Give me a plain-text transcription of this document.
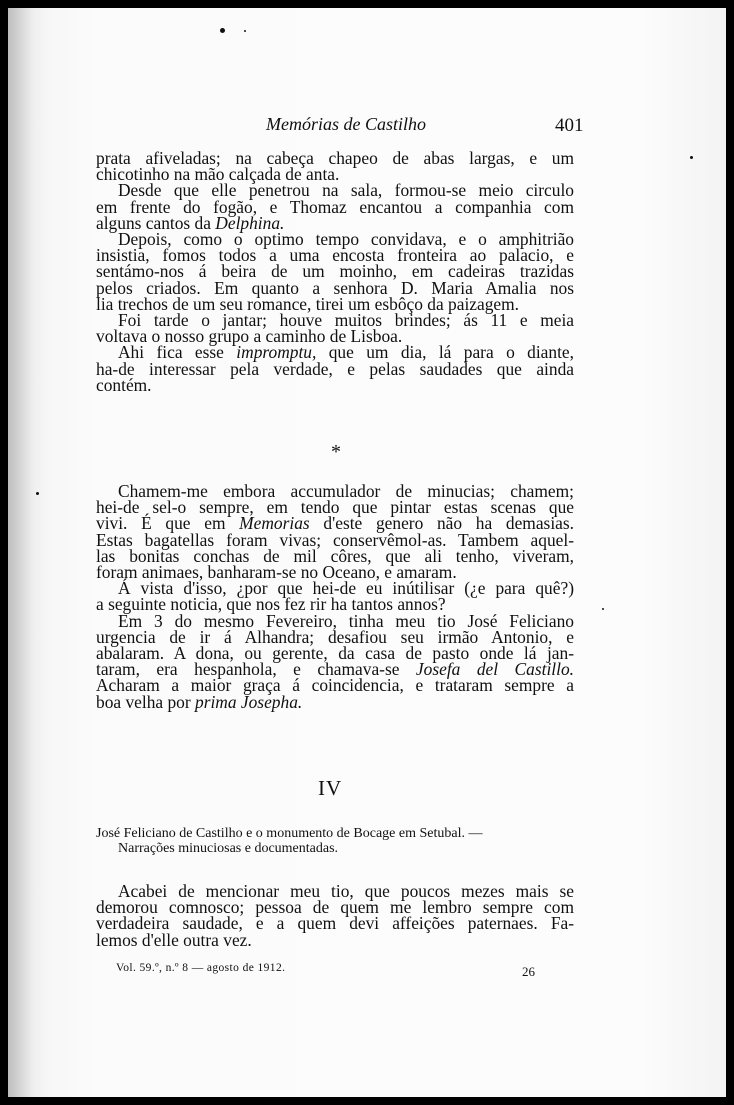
Memórias de Castilho	401
prata afiveladas; na cabeça chapeo de abas largas, e um
chicotinho na mão calçada de anta.
Desde que elle penetrou na sala, formou-se meio circulo
em frente do fogão, e Thomaz encantou a companhia com
alguns cantos da Delphina.
Depois, como o optimo tempo convidava, e o amphitrião
insistia, fomos todos a uma encosta fronteira ao palacio, e
sentámo-nos á beira de um moinho, em cadeiras trazidas
pelos criados. Em quanto a senhora D. Maria Amalia nos
lia trechos de um seu romance, tirei um esbôço da paizagem.
Foi tarde o jantar; houve muitos brindes; ás 11 e meia
voltava o nosso grupo a caminho de Lisboa.
Ahi fica esse impromptu, que um dia, lá para o diante,
ha-de interessar pela verdade, e pelas saudades que ainda
contém.
*
Chamem-me embora accumulador de minucias; chamem;
hei-de sel-o sempre, em tendo que pintar estas scenas que
vivi. É que em Memorias d'este genero não ha demasias.
Estas bagatellas foram vivas; conservêmol-as. Tambem aquel-
las bonitas conchas de mil côres, que ali tenho, viveram,
foram animaes, banharam-se no Oceano, e amaram.
Á vista d'isso, ¿por que hei-de eu inútilisar (¿e para quê?)
a seguinte noticia, que nos fez rir ha tantos annos?
Em 3 do mesmo Fevereiro, tinha meu tio José Feliciano
urgencia de ir á Alhandra; desafiou seu irmão Antonio, e
abalaram. A dona, ou gerente, da casa de pasto onde lá jan-
taram, era hespanhola, e chamava-se Josefa del Castillo.
Acharam a maior graça á coincidencia, e trataram sempre a
boa velha por prima Josepha.
IV
José Feliciano de Castilho e o monumento de Bocage em Setubal. —
Narrações minuciosas e documentadas.
Acabei de mencionar meu tio, que poucos mezes mais se
demorou comnosco; pessoa de quem me lembro sempre com
verdadeira saudade, e a quem devi affeições paternaes. Fa-
lemos d'elle outra vez.
Vol. 59.º, n.º 8 — agosto de 1912.	26
